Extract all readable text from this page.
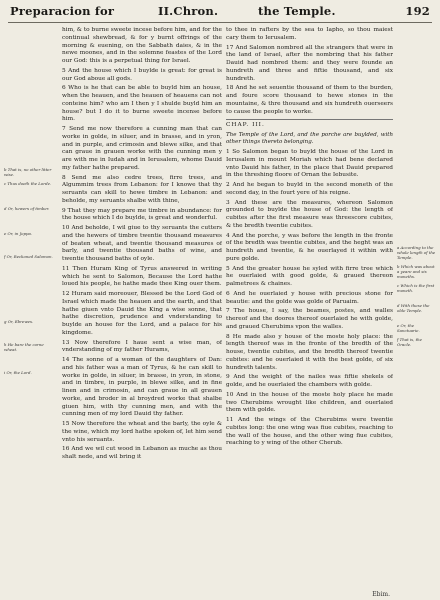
Preparacion for	II.Chron.	the Temple.	192

b That is, no other litter wise.

c Thus doeth the Lorde.

d Or, hewers of timber.

e Or, in Joppa.

f Or, Reckoned Salomon.

g Or, Ebrewes.

h He bare the corne wheat.

i Or, the Lord.

him, & to burne sweete incese before him, and for the continual shewbread, & for y burnt offrings of the morning & euening, on the Sabbath daies, & in the newe moones, and in the solemne feastes of the Lord our God: this is a perpetual thing for Israel.

5 And the house which I buylde is great: for great is our God aboue all gods.

6 Who is he that can be able to buyld him an house, when the heauen, and the heauen of heauens can not conteine him? who am I then y I shulde buyld him an house? but I do it to burne sweete incense before him.

7 Send me now therefore a cunning man that can worke in golde, in siluer, and in brasse, and in yron, and in purple, and crimosin and blewe silke, and that can graue in grauen worke with the cunning men y are with me in Iudah and in Ierusalem, whome Dauid my father hathe prepared.

8 Send me also cedre trees, firre trees, and Algummim trees from Lebanon: for I knowe that thy seruants can skill to hewe timbre in Lebanon: and beholde, my seruants shalbe with thine,

9 That they may prepare me timbre in abundance: for the house which I do buylde, is great and wonderful.

10 And beholde, I wil giue to thy seruants the cutters and the hewers of timbre twentie thousand measures of beaten wheat, and twentie thousand measures of barly, and twentie thousand baths of wine, and twentie thousand baths of oyle.

11 Then Huram King of Tyrus answered in writing which he sent to Salomon, Because the Lord hathe loued his people, he hathe made thee King ouer them.

12 Huram said moreouer, Blessed be the Lord God of Israel which made the heauen and the earth, and that hathe giuen vnto Dauid the King a wise sonne, that hathe discretion, prudence and vnderstanding to buylde an house for the Lord, and a palace for his kingdome.

13 Now therefore I haue sent a wise man, of vnderstanding of my father Hurams,

14 The sonne of a woman of the daughters of Dan: and his father was a man of Tyrus, & he can skill to worke in golde, in siluer, in brasse, in yron, in stone, and in timbre, in purple, in blewe silke, and in fine linen and in crimosin, and can graue in all grauen worke, and broder in al broydred worke that shalbe giuen him, with thy cunning men, and with the cunning men of my lord Dauid thy father.

15 Now therefore the wheat and the barly, the oyle & the wine, which my lord hathe spoken of, let him send vnto his seruants.

16 And we wil cut wood in Lebanon as muche as thou shalt nede, and wil bring it

to thee in rafters by the sea to Iapho, so thou maiest cary them to Ierusalem.

17 And Salomon nombred all the strangers that were in the land of Israel, after the nombring that his father Dauid had nombred them: and they were founde an hundreth and three and fiftie thousand, and six hundreth.

18 And he set seuentie thousand of them to the burden, and foure score thousand to hewe stones in the mountaine, & thre thousand and six hundreth ouerseers to cause the people to worke.

CHAP. III.

The Temple of the Lord, and the porche are buylded, with other things thereto belonging.

1 So Salomon began to buyld the house of the Lord in Ierusalem in mount Moriah which had bene declared vnto Dauid his father, in the place that Dauid prepared in the threshing floore of Ornan the Iebusite.

2 And he began to buyld in the second moneth of the second day, in the fourt yere of his reigne.

3 And these are the measures, whereon Salomon grounded to buylde the house of God: the length of cubites after the first measure was threescore cubites, & the bredth twentie cubites.

4 And the porche, y was before the length in the fronte of the bredth was twentie cubites, and the heght was an hundreth and twentie, & he ouerlayed it within with pure golde.

5 And the greater house he syled with firre tree which he ouerlaied with good golde, & graued thereon palmetrees & chaines.

6 And he ouerlaied y house with precious stone for beautie: and the golde was golde of Paruaim.

7 The house, I say, the beames, postes, and walles thereof and the doores thereof ouerlaied he with golde, and graued Cherubims vpon the walles.

8 He made also y house of the moste holy place: the length thereof was in the fronte of the bredth of the house, twentie cubites, and the bredth thereof twentie cubites: and he ouerlaied it with the best golde, of six hundreth talents.

9 And the weight of the nailes was fiftie shekels of golde, and he ouerlaied the chambers with golde.

10 And in the house of the moste holy place he made two Cherubims wrought like children, and ouerlaied them with golde.

11 And the wings of the Cherubims were twentie cubites long: the one wing was fiue cubites, reaching to the wall of the house, and the other wing fiue cubites, reaching to y wing of the other Cherub.

a According to the whole length of the Temple.

b Which was about a yeare and six moneths.

c Which is the first moneth.

d With these the olde Temple.

e Or, the Sanctuarie.

f That is, the Oracle.

Ebim.
